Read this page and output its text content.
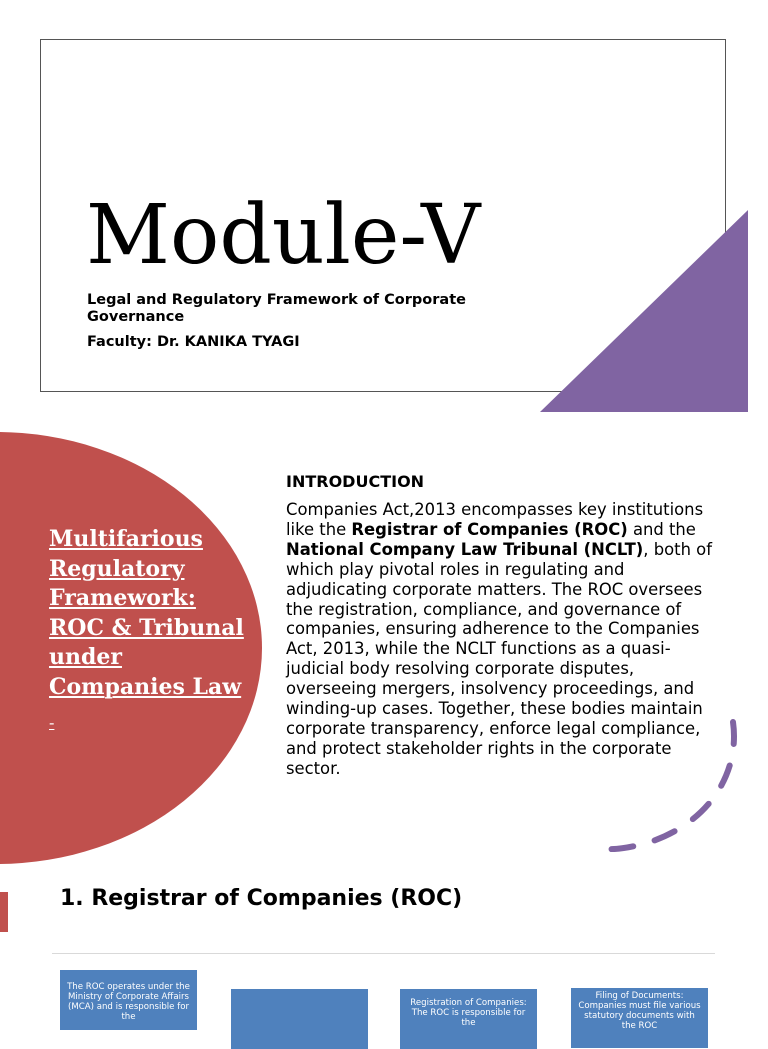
Module-V
Legal and Regulatory Framework of Corporate Governance
Faculty: Dr. KANIKA TYAGI
Multifarious Regulatory Framework: ROC & Tribunal under Companies Law
-
INTRODUCTION
Companies Act,2013 encompasses key institutions like the Registrar of Companies (ROC) and the National Company Law Tribunal (NCLT), both of which play pivotal roles in regulating and adjudicating corporate matters. The ROC oversees the registration, compliance, and governance of companies, ensuring adherence to the Companies Act, 2013, while the NCLT functions as a quasi-judicial body resolving corporate disputes, overseeing mergers, insolvency proceedings, and winding-up cases. Together, these bodies maintain corporate transparency, enforce legal compliance, and protect stakeholder rights in the corporate sector.
1. Registrar of Companies (ROC)
The ROC operates under the Ministry of Corporate Affairs (MCA) and is responsible for the
Registration of Companies: The ROC is responsible for the
Filing of Documents: Companies must file various statutory documents with the ROC
